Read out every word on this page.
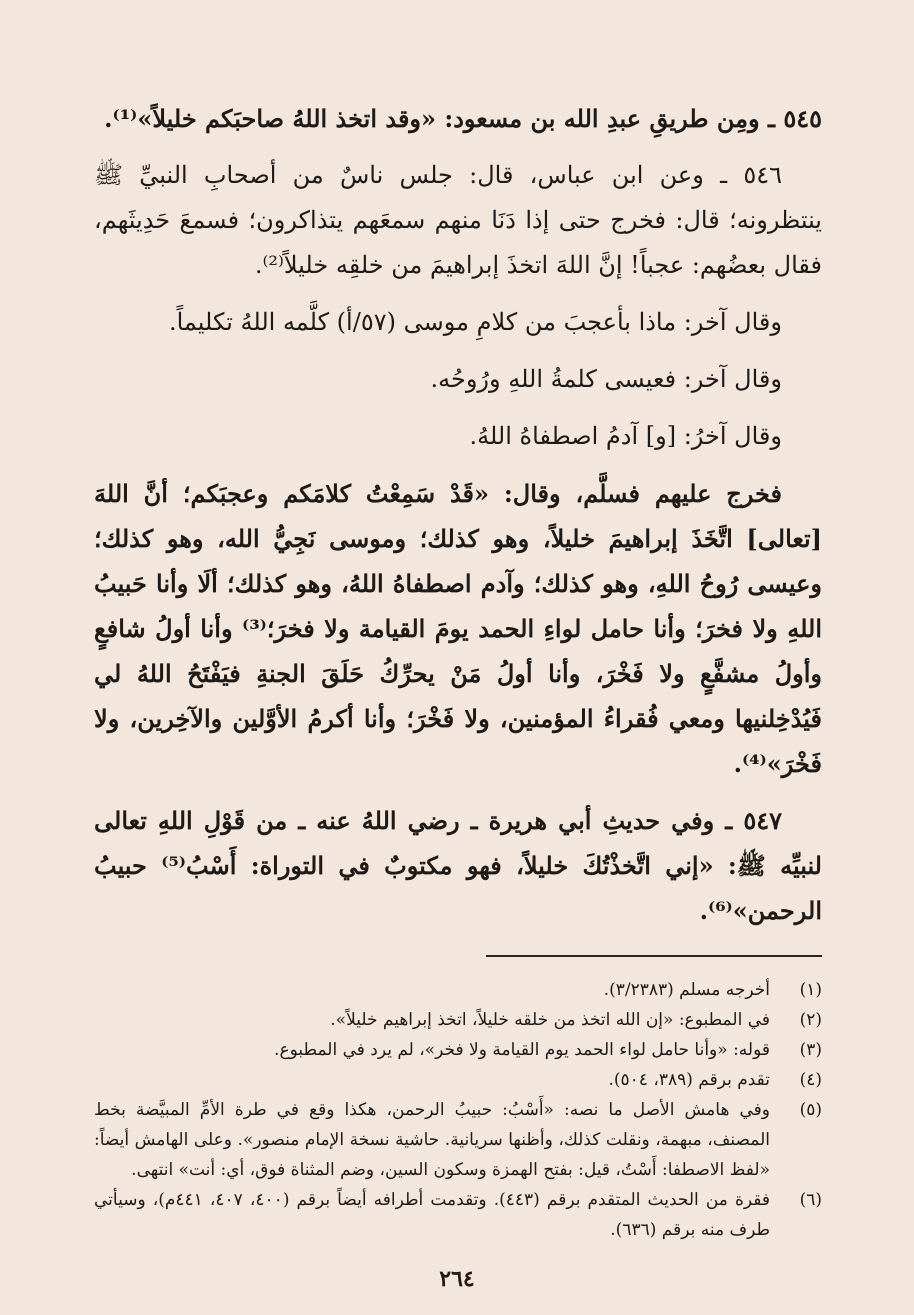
٥٤٥ ـ ومِن طريقِ عبدِ الله بن مسعود: «وقد اتخذ اللهُ صاحبَكم خليلاً»⁽¹⁾.

٥٤٦ ـ وعن ابن عباس، قال: جلس ناسٌ من أصحابِ النبيِّ ﷺ ينتظرونه؛ قال: فخرج حتى إذا دَنَا منهم سمعَهم يتذاكرون؛ فسمعَ حَدِيثَهم، فقال بعضُهم: عجباً! إنَّ اللهَ اتخذَ إبراهيمَ من خلقِه خليلاً⁽²⁾.

وقال آخر: ماذا بأعجبَ من كلامِ موسى (٥٧/أ) كلَّمه اللهُ تكليماً.

وقال آخر: فعيسى كلمةُ اللهِ ورُوحُه.

وقال آخرُ: [و] آدمُ اصطفاهُ اللهُ.

فخرج عليهم فسلَّم، وقال: «قَدْ سَمِعْتُ كلامَكم وعجبَكم؛ أنَّ اللهَ [تعالى] اتَّخَذَ إبراهيمَ خليلاً، وهو كذلك؛ وموسى نَجِيُّ الله، وهو كذلك؛ وعيسى رُوحُ اللهِ، وهو كذلك؛ وآدم اصطفاهُ اللهُ، وهو كذلك؛ ألَا وأنا حَبيبُ اللهِ ولا فخرَ؛ وأنا حامل لواءِ الحمد يومَ القيامة ولا فخرَ؛⁽³⁾ وأنا أولُ شافعٍ وأولُ مشفَّعٍ ولا فَخْرَ، وأنا أولُ مَنْ يحرِّكُ حَلَقَ الجنةِ فيَفْتَحُ اللهُ لي فَيُدْخِلنيها ومعي فُقراءُ المؤمنين، ولا فَخْرَ؛ وأنا أكرمُ الأوَّلين والآخِرين، ولا فَخْرَ»⁽⁴⁾.

٥٤٧ ـ وفي حديثِ أبي هريرة ـ رضي اللهُ عنه ـ من قَوْلِ اللهِ تعالى لنبيِّه ﷺ: «إني اتَّخذْتُكَ خليلاً، فهو مكتوبٌ في التوراة: أَسْبُ⁽⁵⁾ حبيبُ الرحمن»⁽⁶⁾.

(١)
أخرجه مسلم (٣/٢٣٨٣).
(٢)
في المطبوع: «إن الله اتخذ من خلقه خليلاً، اتخذ إبراهيم خليلاً».
(٣)
قوله: «وأنا حامل لواء الحمد يوم القيامة ولا فخر»، لم يرد في المطبوع.
(٤)
تقدم برقم (٣٨٩، ٥٠٤).
(٥)
وفي هامش الأصل ما نصه: «أَسْبُ: حبيبُ الرحمن، هكذا وقع في طرة الأمِّ المبيَّضة بخط المصنف، مبهمة، ونقلت كذلك، وأظنها سريانية. حاشية نسخة الإمام منصور». وعلى الهامش أيضاً: «لفظ الاصطفا: أَسْتُ، قيل: بفتح الهمزة وسكون السين، وضم المثناة فوق، أي: أنت» انتهى.
(٦)
فقرة من الحديث المتقدم برقم (٤٤٣). وتقدمت أطرافه أيضاً برقم (٤٠٠، ٤٠٧، ٤٤١م)، وسيأتي طرف منه برقم (٦٣٦).
٢٦٤
